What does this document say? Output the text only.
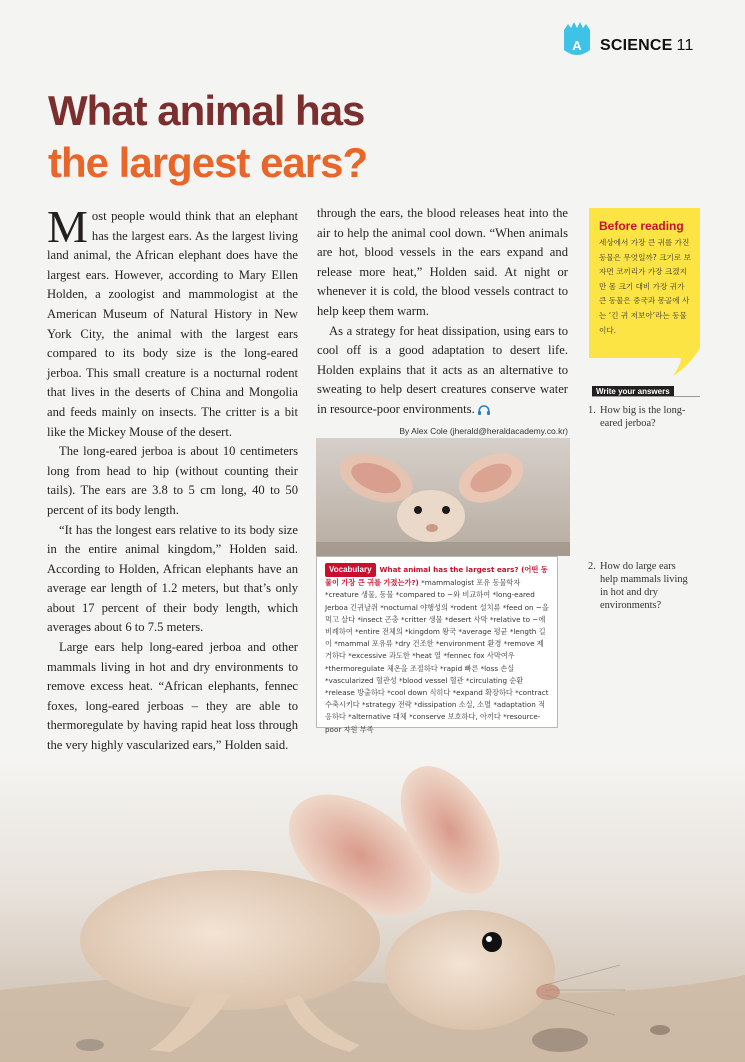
A SCIENCE 11
What animal has
the largest ears?

Most people would think that an elephant has the largest ears. As the largest living land animal, the African elephant does have the largest ears. However, according to Mary Ellen Holden, a zoologist and mammologist at the American Museum of Natural History in New York City, the animal with the largest ears compared to its body size is the long-eared jerboa. This small creature is a nocturnal rodent that lives in the deserts of China and Mongolia and feeds mainly on insects. The critter is a bit like the Mickey Mouse of the desert.

The long-eared jerboa is about 10 centimeters long from head to hip (without counting their tails). The ears are 3.8 to 5 cm long, 40 to 50 percent of its body length.

“It has the longest ears relative to its body size in the entire animal kingdom,” Holden said. According to Holden, African elephants have an average ear length of 1.2 meters, but that’s only about 17 percent of their body length, which averages about 6 to 7.5 meters.

Large ears help long-eared jerboa and other mammals living in hot and dry environments to remove excess heat. “African elephants, fennec foxes, long-eared jerboas – they are able to thermoregulate by having rapid heat loss through the very highly vascularized ears,” Holden said.

through the ears, the blood releases heat into the air to help the animal cool down. “When animals are hot, blood vessels in the ears expand and release more heat,” Holden said. At night or whenever it is cold, the blood vessels contract to help keep them warm.

As a strategy for heat dissipation, using ears to cool off is a good adaptation to desert life. Holden explains that it acts as an alternative to sweating to help desert creatures conserve water in resource-poor environments.

By Alex Cole (jherald@heraldacademy.co.kr)
Vocabulary What animal has the largest ears? (어떤 동물이 가장 큰 귀를 가졌는가?) *mammalogist 포유 동물학자 *creature 생물, 동물 *compared to ~와 비교하여 *long-eared Jerboa 긴귀날쥐 *nocturnal 야행성의 *rodent 설치류 *feed on ~을 먹고 살다 *insect 곤충 *critter 생물 *desert 사막 *relative to ~에 비례하여 *entire 전체의 *kingdom 왕국 *average 평균 *length 길이 *mammal 포유류 *dry 건조한 *environment 환경 *remove 제거하다 *excessive 과도한 *heat 열 *fennec fox 사막여우 *thermoregulate 체온을 조절하다 *rapid 빠른 *loss 손실 *vascularized 혈관성 *blood vessel 혈관 *circulating 순환 *release 방출하다 *cool down 식히다 *expand 확장하다 *contract 수축시키다 *strategy 전략 *dissipation 소실, 소멸 *adaptation 적응하다 *alternative 대체 *conserve 보호하다, 아끼다 *resource-poor 자원 부족
Before reading
세상에서 가장 큰 귀를 가진 동물은 무엇일까? 크기로 보자면 코끼리가 가장 크겠지만 몸 크기 대비 가장 귀가 큰 동물은 중국과 몽골에 사는 ‘긴 귀 저보아’라는 동물이다.
Write your answers
1. How big is the long-eared jerboa?
2. How do large ears help mammals living in hot and dry environments?
